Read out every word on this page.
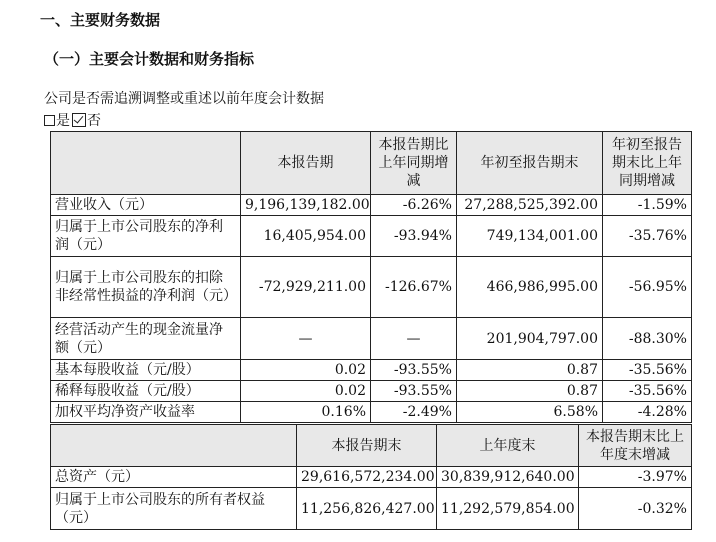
一、主要财务数据
（一）主要会计数据和财务指标
公司是否需追溯调整或重述以前年度会计数据
是 否
	本报告期	本报告期比上年同期增减	年初至报告期末	年初至报告期末比上年同期增减
营业收入（元）	9,196,139,182.00	-6.26%	27,288,525,392.00	-1.59%
归属于上市公司股东的净利润（元）	16,405,954.00	-93.94%	749,134,001.00	-35.76%
归属于上市公司股东的扣除非经常性损益的净利润（元）	-72,929,211.00	-126.67%	466,986,995.00	-56.95%
经营活动产生的现金流量净额（元）	—	—	201,904,797.00	-88.30%
基本每股收益（元/股）	0.02	-93.55%	0.87	-35.56%
稀释每股收益（元/股）	0.02	-93.55%	0.87	-35.56%
加权平均净资产收益率	0.16%	-2.49%	6.58%	-4.28%
	本报告期末	上年度末	本报告期末比上年度末增减
总资产（元）	29,616,572,234.00	30,839,912,640.00	-3.97%
归属于上市公司股东的所有者权益（元）	11,256,826,427.00	11,292,579,854.00	-0.32%
